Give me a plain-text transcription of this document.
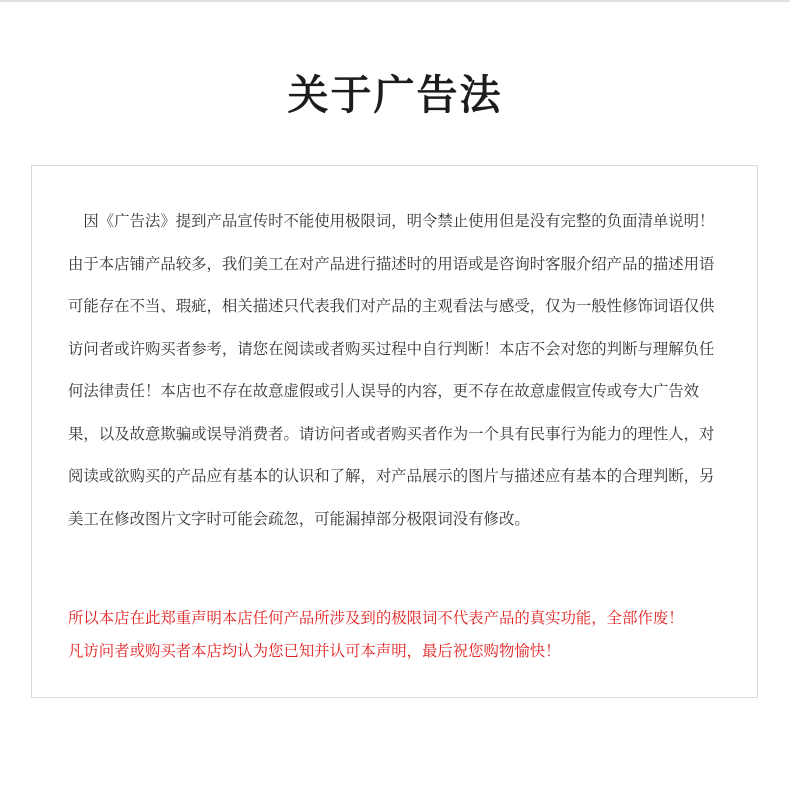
关于广告法

因《广告法》提到产品宣传时不能使用极限词，明令禁止使用但是没有完整的负面清单说明！由于本店铺产品较多，我们美工在对产品进行描述时的用语或是咨询时客服介绍产品的描述用语可能存在不当、瑕疵，相关描述只代表我们对产品的主观看法与感受，仅为一般性修饰词语仅供访问者或许购买者参考，请您在阅读或者购买过程中自行判断！本店不会对您的判断与理解负任何法律责任！本店也不存在故意虚假或引人误导的内容，更不存在故意虚假宣传或夸大广告效果，以及故意欺骗或误导消费者。请访问者或者购买者作为一个具有民事行为能力的理性人，对阅读或欲购买的产品应有基本的认识和了解，对产品展示的图片与描述应有基本的合理判断，另美工在修改图片文字时可能会疏忽，可能漏掉部分极限词没有修改。

所以本店在此郑重声明本店任何产品所涉及到的极限词不代表产品的真实功能，全部作废！

凡访问者或购买者本店均认为您已知并认可本声明，最后祝您购物愉快！
